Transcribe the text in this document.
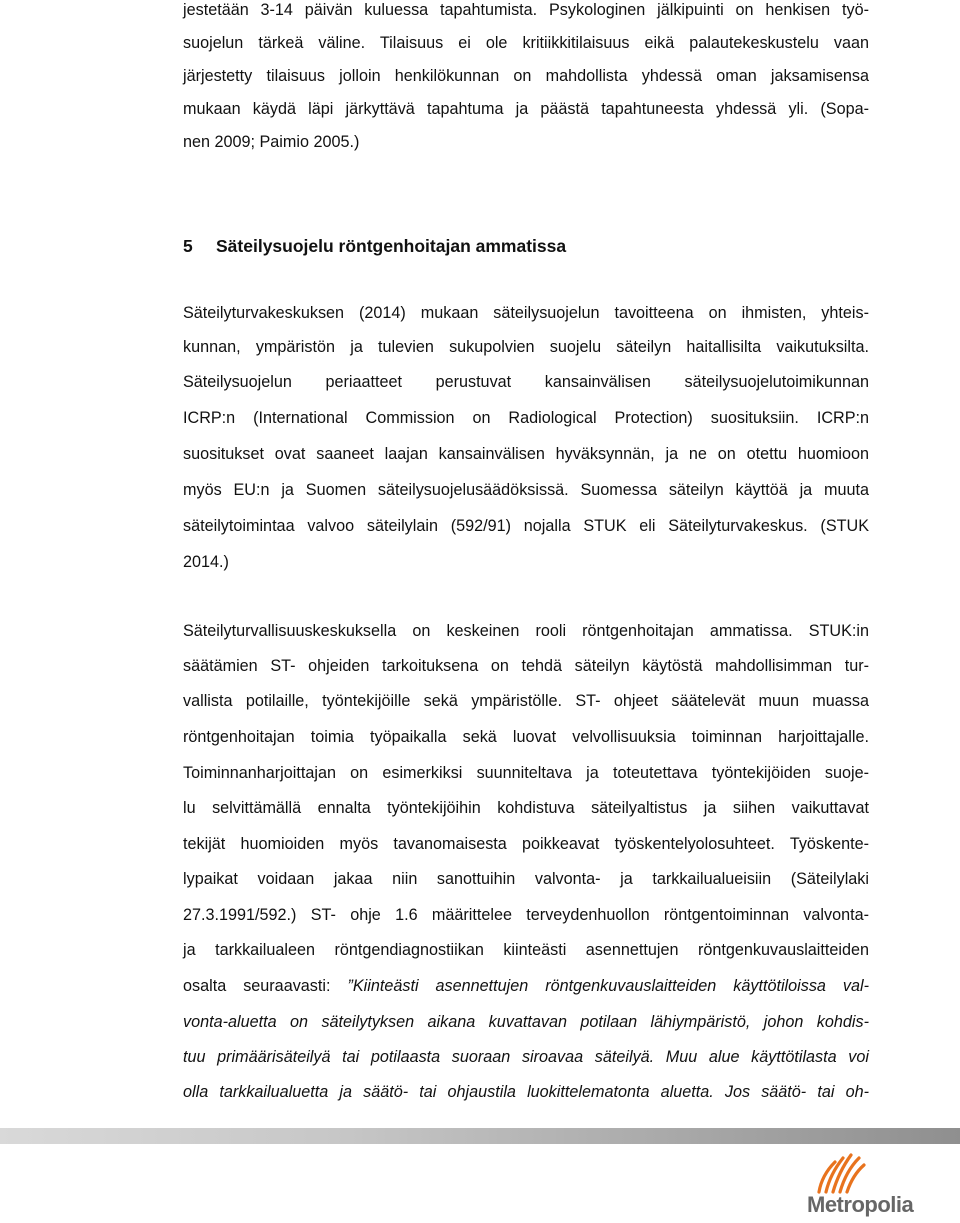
jestetään 3-14 päivän kuluessa tapahtumista. Psykologinen jälkipuinti on henkisen työ-
suojelun tärkeä väline. Tilaisuus ei ole kritiikkitilaisuus eikä palautekeskustelu vaan
järjestetty tilaisuus jolloin henkilökunnan on mahdollista yhdessä oman jaksamisensa
mukaan käydä läpi järkyttävä tapahtuma ja päästä tapahtuneesta yhdessä yli. (Sopa-
nen 2009; Paimio 2005.)
5 Säteilysuojelu röntgenhoitajan ammatissa
Säteilyturvakeskuksen (2014) mukaan säteilysuojelun tavoitteena on ihmisten, yhteis-
kunnan, ympäristön ja tulevien sukupolvien suojelu säteilyn haitallisilta vaikutuksilta.
Säteilysuojelun periaatteet perustuvat kansainvälisen säteilysuojelutoimikunnan
ICRP:n (International Commission on Radiological Protection) suosituksiin. ICRP:n
suositukset ovat saaneet laajan kansainvälisen hyväksynnän, ja ne on otettu huomioon
myös EU:n ja Suomen säteilysuojelusäädöksissä. Suomessa säteilyn käyttöä ja muuta
säteilytoimintaa valvoo säteilylain (592/91) nojalla STUK eli Säteilyturvakeskus. (STUK
2014.)
Säteilyturvallisuuskeskuksella on keskeinen rooli röntgenhoitajan ammatissa. STUK:in
säätämien ST- ohjeiden tarkoituksena on tehdä säteilyn käytöstä mahdollisimman tur-
vallista potilaille, työntekijöille sekä ympäristölle. ST- ohjeet säätelevät muun muassa
röntgenhoitajan toimia työpaikalla sekä luovat velvollisuuksia toiminnan harjoittajalle.
Toiminnanharjoittajan on esimerkiksi suunniteltava ja toteutettava työntekijöiden suoje-
lu selvittämällä ennalta työntekijöihin kohdistuva säteilyaltistus ja siihen vaikuttavat
tekijät huomioiden myös tavanomaisesta poikkeavat työskentelyolosuhteet. Työskente-
lypaikat voidaan jakaa niin sanottuihin valvonta- ja tarkkailualueisiin (Säteilylaki
27.3.1991/592.) ST- ohje 1.6 määrittelee terveydenhuollon röntgentoiminnan valvonta-
ja tarkkailualeen röntgendiagnostiikan kiinteästi asennettujen röntgenkuvauslaitteiden
osalta seuraavasti: ”Kiinteästi asennettujen röntgenkuvauslaitteiden käyttötiloissa val-
vonta-aluetta on säteilytyksen aikana kuvattavan potilaan lähiympäristö, johon kohdis-
tuu primäärisäteilyä tai potilaasta suoraan siroavaa säteilyä. Muu alue käyttötilasta voi
olla tarkkailualuetta ja säätö- tai ohjaustila luokittelematonta aluetta. Jos säätö- tai oh-
Metropolia
